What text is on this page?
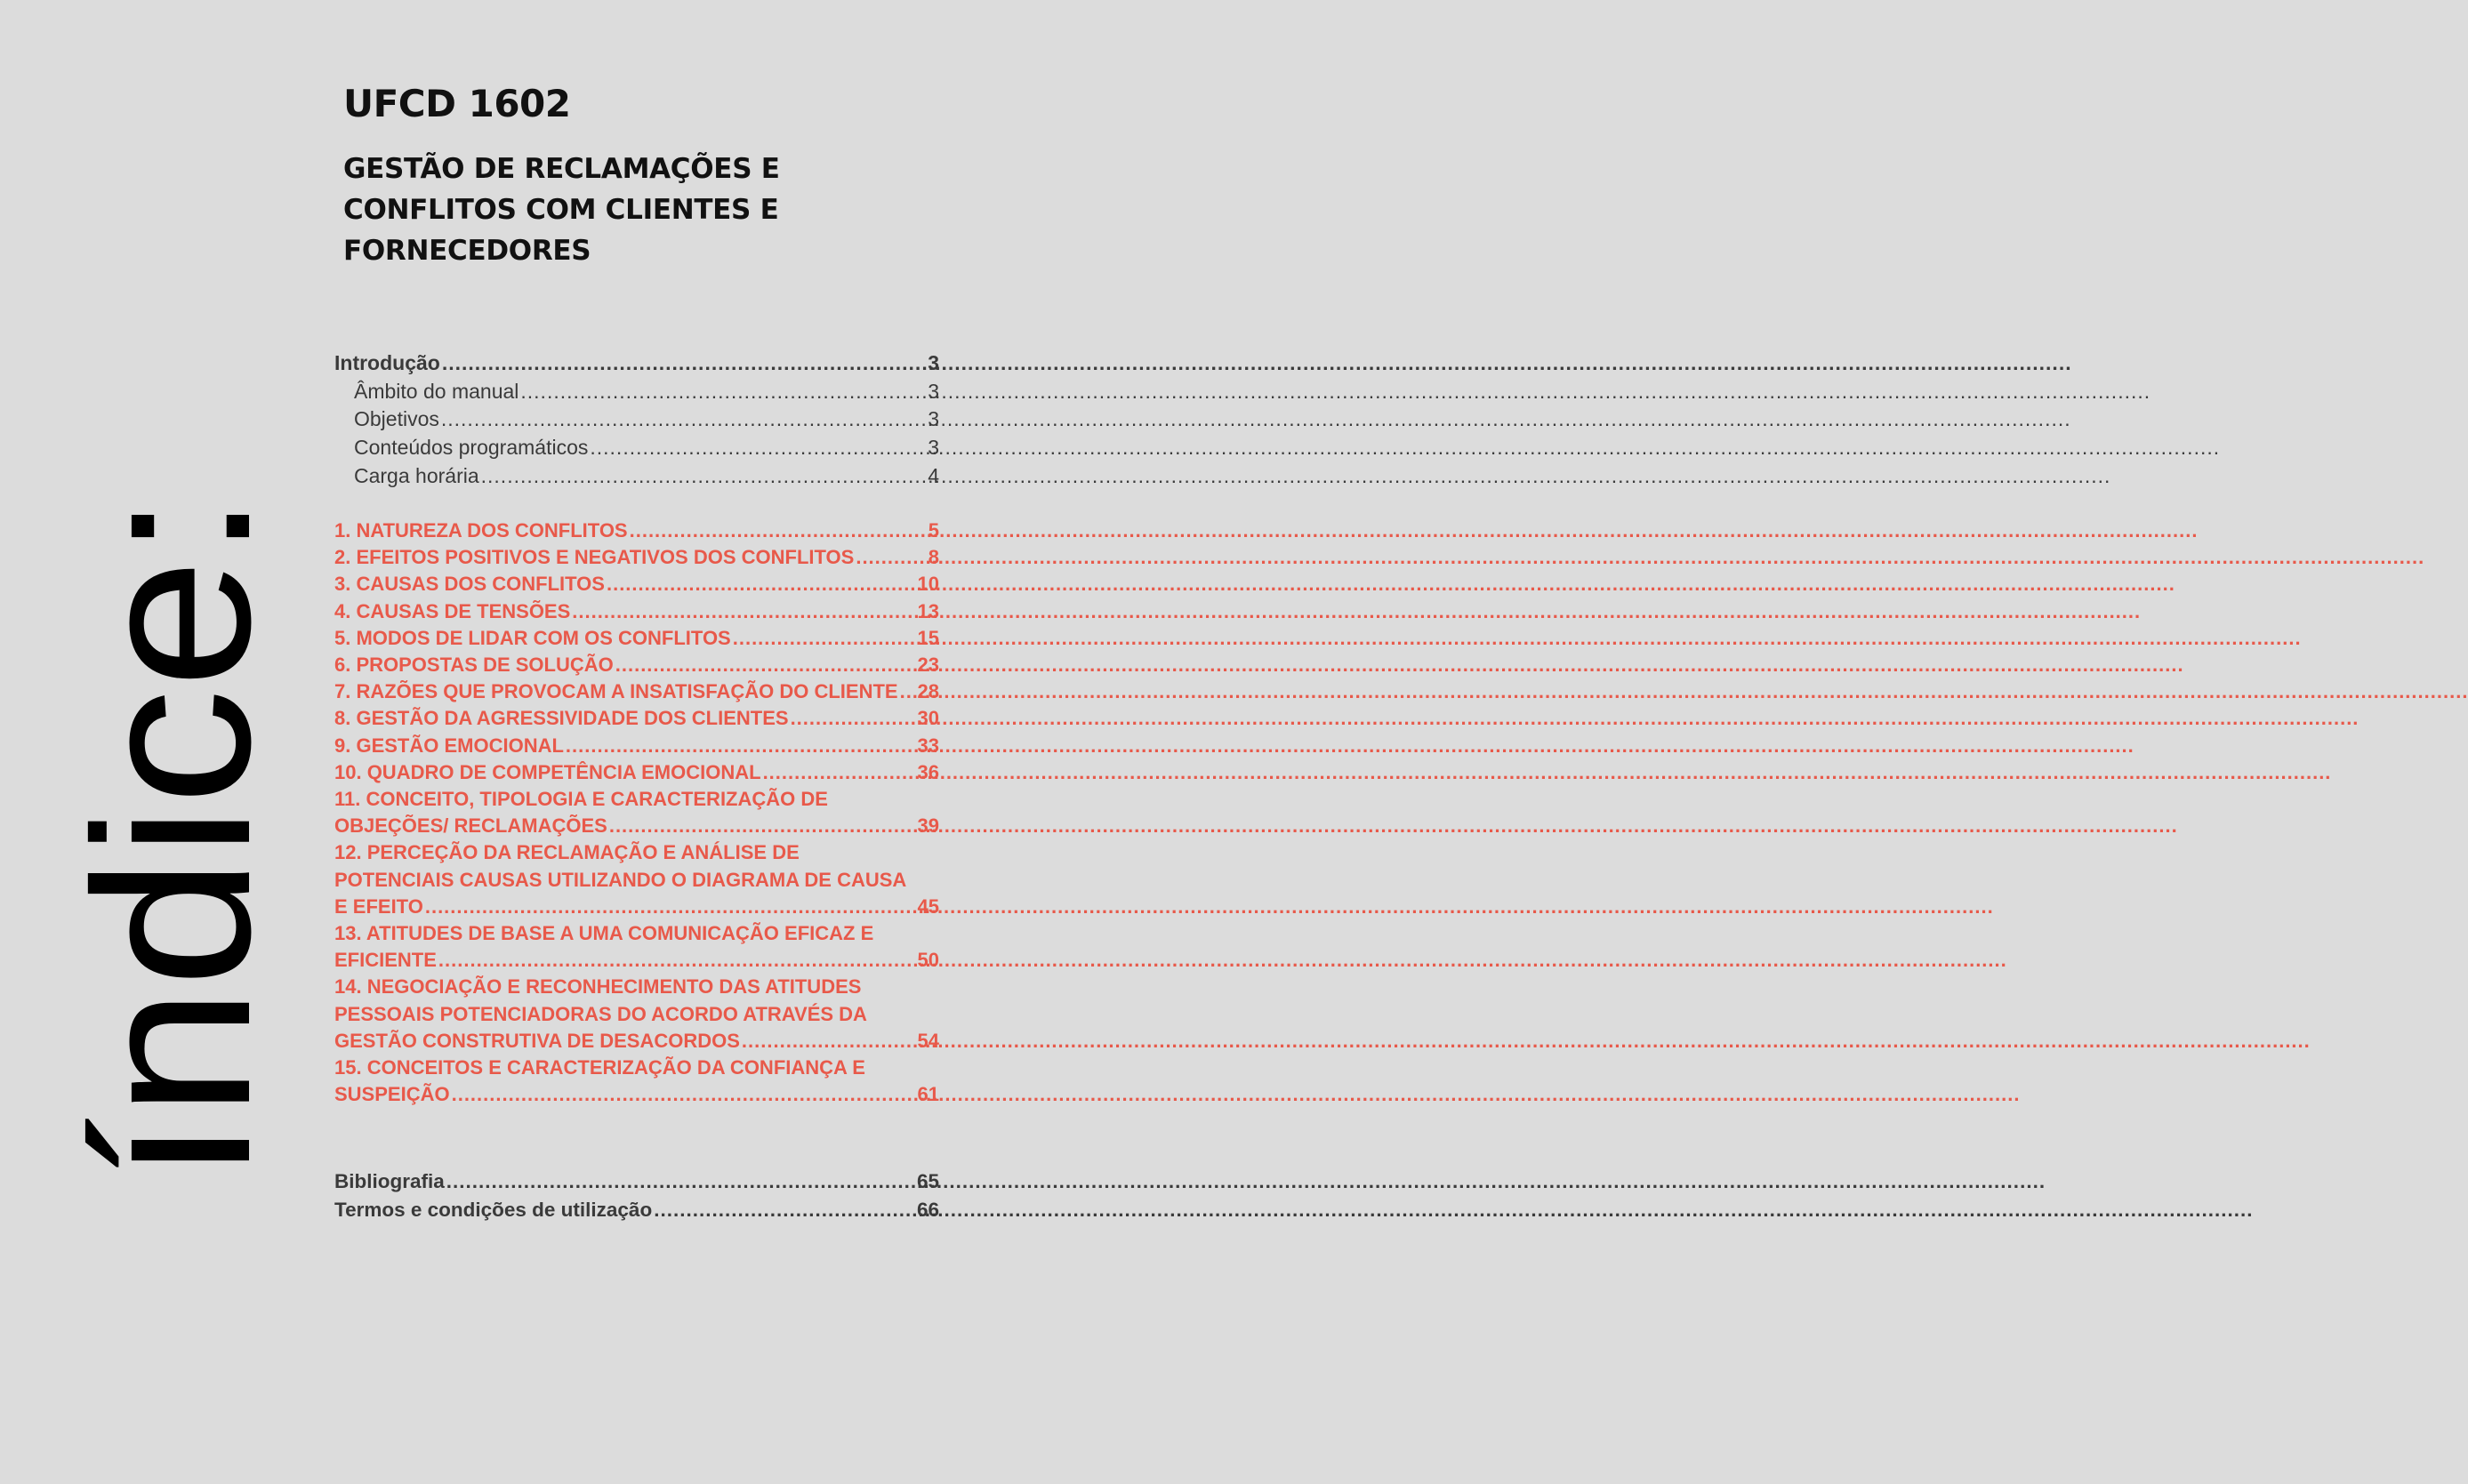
índice:
UFCD 1602
GESTÃO DE RECLAMAÇÕES E
CONFLITOS COM CLIENTES E
FORNECEDORES
Introdução .....	3
Âmbito do manual .....	3
Objetivos .....	3
Conteúdos programáticos .....	3
Carga horária .....	4
1. NATUREZA DOS CONFLITOS .....	5
2. EFEITOS POSITIVOS E NEGATIVOS DOS CONFLITOS .....	8
3. CAUSAS DOS CONFLITOS .....	10
4. CAUSAS DE TENSÕES .....	13
5. MODOS DE LIDAR COM OS CONFLITOS .....	15
6. PROPOSTAS DE SOLUÇÃO .....	23
7. RAZÕES QUE PROVOCAM A INSATISFAÇÃO DO CLIENTE ..... 28
8. GESTÃO DA AGRESSIVIDADE DOS CLIENTES .....	30
9. GESTÃO EMOCIONAL .....	33
10. QUADRO DE COMPETÊNCIA EMOCIONAL .....	36
11. CONCEITO, TIPOLOGIA E CARACTERIZAÇÃO DE
OBJEÇÕES/ RECLAMAÇÕES .....	39
12. PERCEÇÃO DA RECLAMAÇÃO E ANÁLISE DE
POTENCIAIS CAUSAS UTILIZANDO O DIAGRAMA DE CAUSA
E EFEITO .....	45
13. ATITUDES DE BASE A UMA COMUNICAÇÃO EFICAZ E
EFICIENTE .....	50
14. NEGOCIAÇÃO E RECONHECIMENTO DAS ATITUDES
PESSOAIS POTENCIADORAS DO ACORDO ATRAVÉS DA
GESTÃO CONSTRUTIVA DE DESACORDOS .....	54
15. CONCEITOS E CARACTERIZAÇÃO DA CONFIANÇA E
SUSPEIÇÃO .....	61
Bibliografia .....	65
Termos e condições de utilização .....	66
